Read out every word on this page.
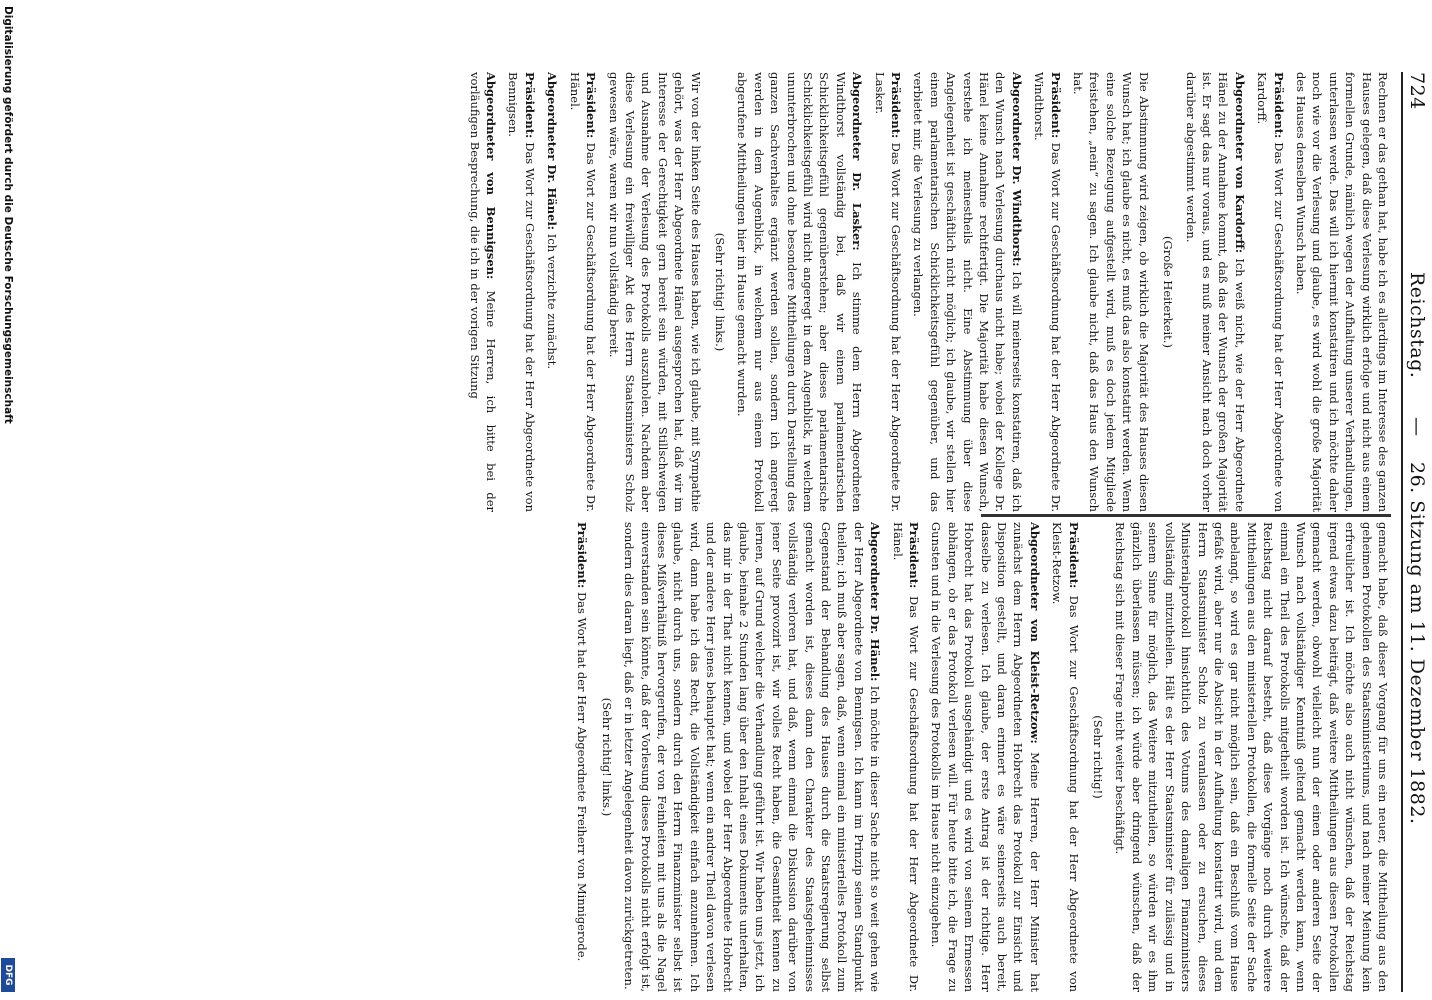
724
Reichstag.
—
26. Sitzung am 11. Dezember 1882.

Rechnen er das gethan hat, habe ich es allerdings im Interesse des ganzen Hauses gelegen, daß diese Verlesung wirklich erfolge und nicht aus einem formellen Grunde, nämlich wegen der Aufhaltung unserer Verhandlungen, unterlassen werde. Das will ich hiermit konstatiren und ich möchte daher noch wie vor die Verlesung und glaube, es wird wohl die große Majorität des Hauses denselben Wunsch haben.

Präsident: Das Wort zur Geschäftsordnung hat der Herr Abgeordnete von Kardorff.

Abgeordneter von Kardorff: Ich weiß nicht, wie der Herr Abgeordnete Hänel zu der Annahme kommt, daß das der Wunsch der großen Majorität ist. Er sagt das nur voraus, und es muß meiner Ansicht nach doch vorher darüber abgestimmt werden.

(Große Heiterkeit.)

Die Abstimmung wird zeigen, ob wirklich die Majorität des Hauses diesen Wunsch hat; ich glaube es nicht, es muß das also konstatirt werden. Wenn eine solche Bezeugung aufgestellt wird, muß es doch jedem Mitgliede freistehen, „nein“ zu sagen. Ich glaube nicht, daß das Haus den Wunsch hat.

Präsident: Das Wort zur Geschäftsordnung hat der Herr Abgeordnete Dr. Windthorst.

Abgeordneter Dr. Windthorst: Ich will meinerseits konstatiren, daß ich den Wunsch nach Verlesung durchaus nicht habe; wobei der Kollege Dr. Hänel keine Annahme rechtfertigt. Die Majorität habe diesen Wunsch, verstehe ich meinestheils nicht. Eine Abstimmung über diese Angelegenheit ist geschäftlich nicht möglich; ich glaube, wir stellen hier einem parlamentarischen Schicklichkeitsgefühl gegenüber, und das verbietet mir, die Verlesung zu verlangen.

Präsident: Das Wort zur Geschäftsordnung hat der Herr Abgeordnete Dr. Lasker.

Abgeordneter Dr. Lasker: Ich stimme dem Herrn Abgeordneten Windthorst vollständig bei, daß wir einem parlamentarischen Schicklichkeitsgefühl gegenüberstehen; aber dieses parlamentarische Schicklichkeitsgefühl wird nicht angeregt in dem Augenblick, in welchem ununterbrochen und ohne besondere Mittheilungen durch Darstellung des ganzen Sachverhaltes ergänzt werden sollen, sondern ich angeregt werden in dem Augenblick, in welchem nur aus einem Protokoll abgerufene Mittheilungen hier im Hause gemacht wurden.

(Sehr richtig! links.)

Wir von der linken Seite des Hauses haben, wie ich glaube, mit Sympathie gehört, was der Herr Abgeordnete Hänel ausgesprochen hat, daß wir im Interesse der Gerechtigkeit gern bereit sein würden, mit Stillschweigen und Ausnahme der Verlesung des Protokolls auszuholen. Nachdem aber diese Verlesung ein freiwilliger Akt des Herrn Staatsministers Scholz gewesen wäre, waren wir nun vollständig bereit.

Präsident: Das Wort zur Geschäftsordnung hat der Herr Abgeordnete Dr. Hänel.

Abgeordneter Dr. Hänel: Ich verzichte zunächst.

Präsident: Das Wort zur Geschäftsordnung hat der Herr Abgeordnete von Bennigsen.

Abgeordneter von Bennigsen: Meine Herren, ich bitte bei der vorläufigen Besprechung, die ich in der vorigen Sitzung

gemacht habe, daß dieser Vorgang für uns ein neuer, die Mittheilung aus den geheimen Protokollen des Staatsministeriums, und nach meiner Meinung kein erfreulicher ist. Ich möchte also auch nicht wünschen, daß der Reichstag irgend etwas dazu beiträgt, daß weitere Mittheilungen aus diesen Protokollen gemacht werden, obwohl vielleicht nun der einen oder anderen Seite der Wunsch nach vollständiger Kenntniß geltend gemacht werden kann, wenn einmal ein Theil des Protokolls mitgetheilt worden ist. Ich wünsche, daß der Reichstag nicht darauf besteht, daß diese Vorgänge noch durch weitere Mittheilungen aus den ministeriellen Protokollen, die formelle Seite der Sache anbelangt, so wird es gar nicht möglich sein, daß ein Beschluß vom Hause gefaßt wird, aber nur die Absicht in der Aufhaltung konstatirt wird, und dem Herrn Staatsminister Scholz zu veranlassen oder zu ersuchen, dieses Ministerialprotokoll hinsichtlich des Votums des damaligen Finanzministers vollständig mitzutheilen. Hält es der Herr Staatsminister für zulässig und in seinem Sinne für möglich, das Weitere mitzutheilen, so würden wir es ihm gänzlich überlassen müssen; ich würde aber dringend wünschen, daß der Reichstag sich mit dieser Frage nicht weiter beschäftigt.

(Sehr richtig!)

Präsident: Das Wort zur Geschäftsordnung hat der Herr Abgeordnete von Kleist-Retzow.

Abgeordneter von Kleist-Retzow: Meine Herren, der Herr Minister hat zunächst dem Herrn Abgeordneten Hobrecht das Protokoll zur Einsicht und Disposition gestellt, und daran erinnert es wäre seinerseits auch bereit, dasselbe zu verlesen. Ich glaube, der erste Antrag ist der richtige. Herr Hobrecht hat das Protokoll ausgehändigt und es wird von seinem Ermessen abhängen, ob er das Protokoll verlesen will. Für heute bitte ich, die Frage zu Gunsten und in die Verlesung des Protokolls im Hause nicht einzugehen.

Präsident: Das Wort zur Geschäftsordnung hat der Herr Abgeordnete Dr. Hänel.

Abgeordneter Dr. Hänel: Ich möchte in dieser Sache nicht so weit gehen wie der Herr Abgeordnete von Bennigsen. Ich kann im Prinzip seinen Standpunkt theilen; ich muß aber sagen, daß, wenn einmal ein ministerielles Protokoll zum Gegenstand der Behandlung des Hauses durch die Staatsregierung selbst gemacht worden ist, dieses dann den Charakter des Staatsgeheimnisses vollständig verloren hat, und daß, wenn einmal die Diskussion darüber von jener Seite provozirt ist, wir volles Recht haben, die Gesamtheit kennen zu lernen, auf Grund welcher die Verhandlung geführt ist. Wir haben uns jetzt, ich glaube, beinahe 2 Stunden lang über den Inhalt eines Dokuments unterhalten, das mir in der That nicht kennen, und wobei der Herr Abgeordnete Hobrecht und der andere Herr jenes behauptet hat; wenn ein andrer Theil davon verlesen wird, dann habe ich das Recht, die Vollständigkeit einfach anzunehmen. Ich glaube, nicht durch uns, sondern durch den Herrn Finanzminister selbst ist dieses Mißverhältniß hervorgerufen, der von Feinheiten mit uns als die Nagel einverstanden sein könnte, daß der Vorlesung dieses Protokolls nicht erfolgt ist, sondern dies daran liegt, daß er in letzter Angelegenheit davon zurückgetreten.

(Sehr richtig! links.)

Präsident: Das Wort hat der Herr Abgeordnete Freiherr von Minnigerode.

Digitalisierung gefördert durch die Deutsche Forschungsgemeinschaft
DFG
